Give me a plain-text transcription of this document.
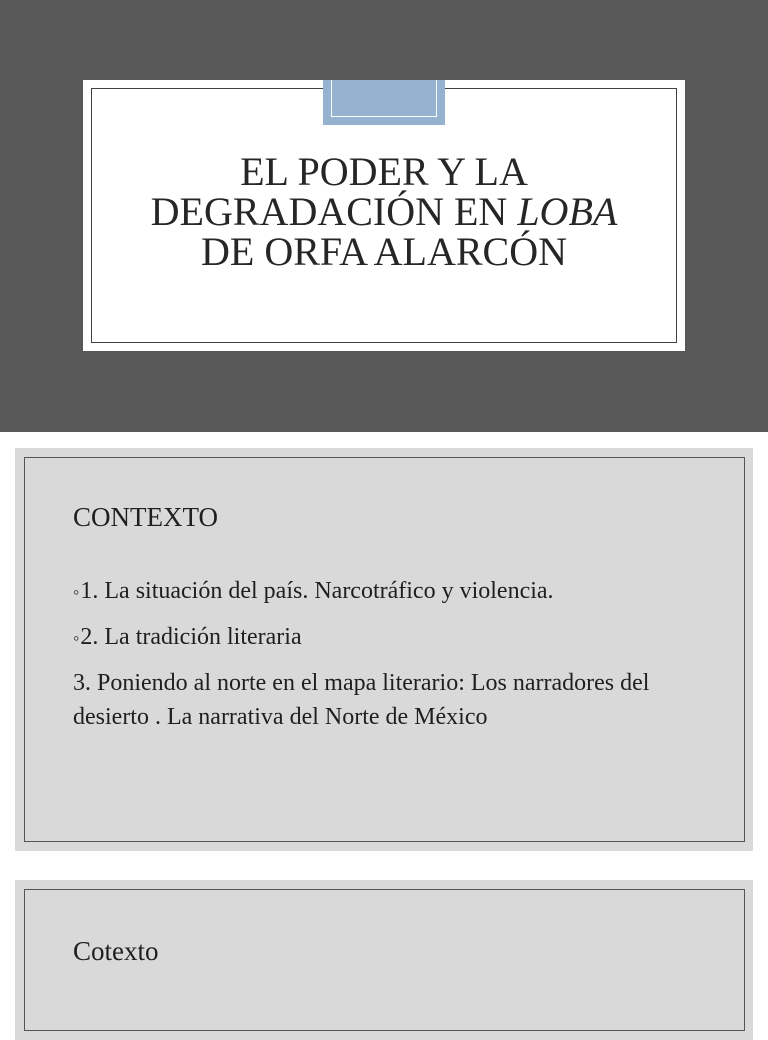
EL PODER Y LA
DEGRADACIÓN EN LOBA
DE ORFA ALARCÓN
CONTEXTO
◦1. La situación del país. Narcotráfico y violencia.
◦2. La tradición literaria
3. Poniendo al norte en el mapa literario: Los narradores del desierto . La narrativa del Norte de México
Cotexto
